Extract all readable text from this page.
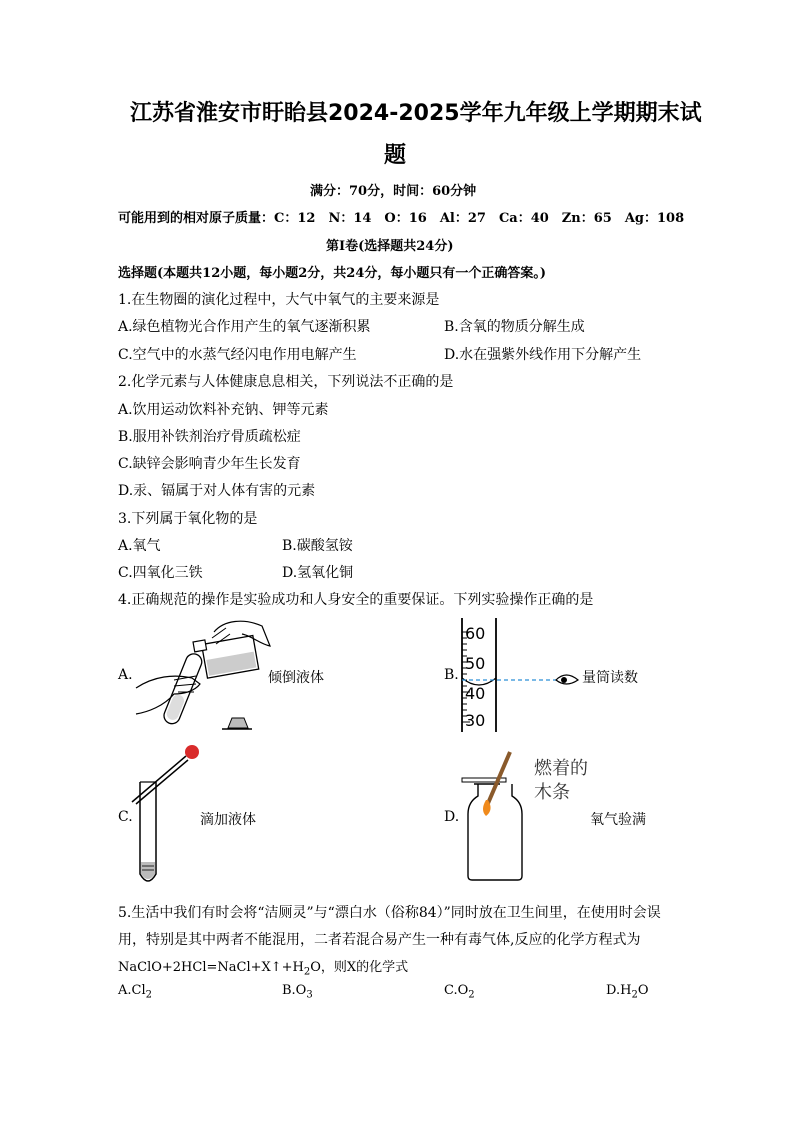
江苏省淮安市盱眙县2024-2025学年九年级上学期期末试
题
满分：70分，时间：60分钟
可能用到的相对原子质量：C：12　N：14　O：16　Al：27　Ca：40　Zn：65　Ag：108
第Ⅰ卷(选择题共24分)
选择题(本题共12小题，每小题2分，共24分，每小题只有一个正确答案。)
1.在生物圈的演化过程中，大气中氧气的主要来源是
A.绿色植物光合作用产生的氧气逐渐积累	B.含氧的物质分解生成
C.空气中的水蒸气经闪电作用电解产生	D.水在强紫外线作用下分解产生
2.化学元素与人体健康息息相关，下列说法不正确的是
A.饮用运动饮料补充钠、钾等元素
B.服用补铁剂治疗骨质疏松症
C.缺锌会影响青少年生长发育
D.汞、镉属于对人体有害的元素
3.下列属于氧化物的是
A.氧气	B.碳酸氢铵
C.四氧化三铁	D.氢氧化铜
4.正确规范的操作是实验成功和人身安全的重要保证。下列实验操作正确的是
A.	倾倒液体	B.
60
50
40
30
量筒读数
C.	滴加液体	D.
燃着的
木条
氧气验满
5.生活中我们有时会将“洁厕灵”与“漂白水（俗称84）”同时放在卫生间里，在使用时会误
用，特别是其中两者不能混用，二者若混合易产生一种有毒气体,反应的化学方程式为
$NaClO+2HCl=NaCl+X↑+H_2O$，则X的化学式
$A.Cl_2$	$B.O_3$	$C.O_2$	$D.H_2O$
